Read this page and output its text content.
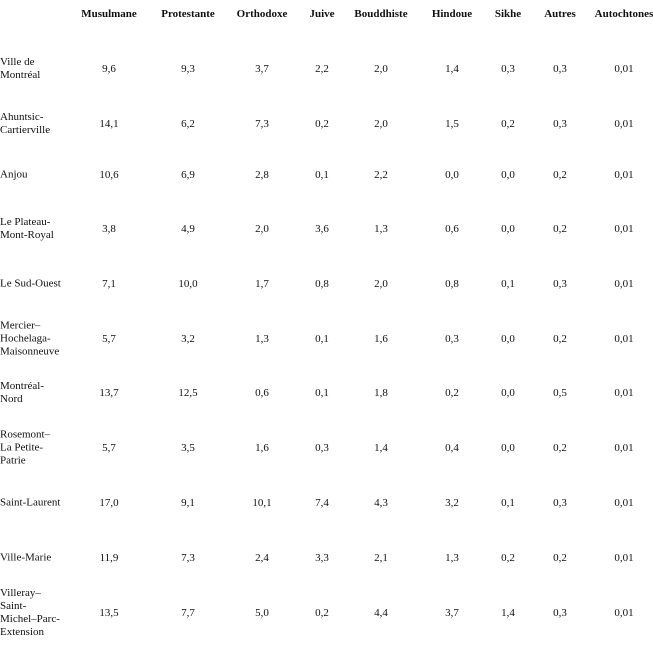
Musulmane Protestante Orthodoxe Juive Bouddhiste Hindoue Sikhe Autres Autochtones
Ville de
Montréal	9,6	9,3	3,7	2,2	2,0	1,4	0,3	0,3	0,01
Ahuntsic-
Cartierville	14,1	6,2	7,3	0,2	2,0	1,5	0,2	0,3	0,01
Anjou	10,6	6,9	2,8	0,1	2,2	0,0	0,0	0,2	0,01
Le Plateau-
Mont-Royal	3,8	4,9	2,0	3,6	1,3	0,6	0,0	0,2	0,01
Le Sud-Ouest	7,1	10,0	1,7	0,8	2,0	0,8	0,1	0,3	0,01
Mercier–
Hochelaga-
Maisonneuve
5,7	3,2	1,3	0,1	1,6	0,3	0,0	0,2	0,01
Montréal-
Nord	13,7	12,5	0,6	0,1	1,8	0,2	0,0	0,5	0,01
Rosemont–
La Petite-
Patrie
5,7	3,5	1,6	0,3	1,4	0,4	0,0	0,2	0,01
Saint-Laurent	17,0	9,1	10,1	7,4	4,3	3,2	0,1	0,3	0,01
Ville-Marie	11,9	7,3	2,4	3,3	2,1	1,3	0,2	0,2	0,01
Villeray–
Saint-
Michel–Parc-
Extension
13,5	7,7	5,0	0,2	4,4	3,7	1,4	0,3	0,01
